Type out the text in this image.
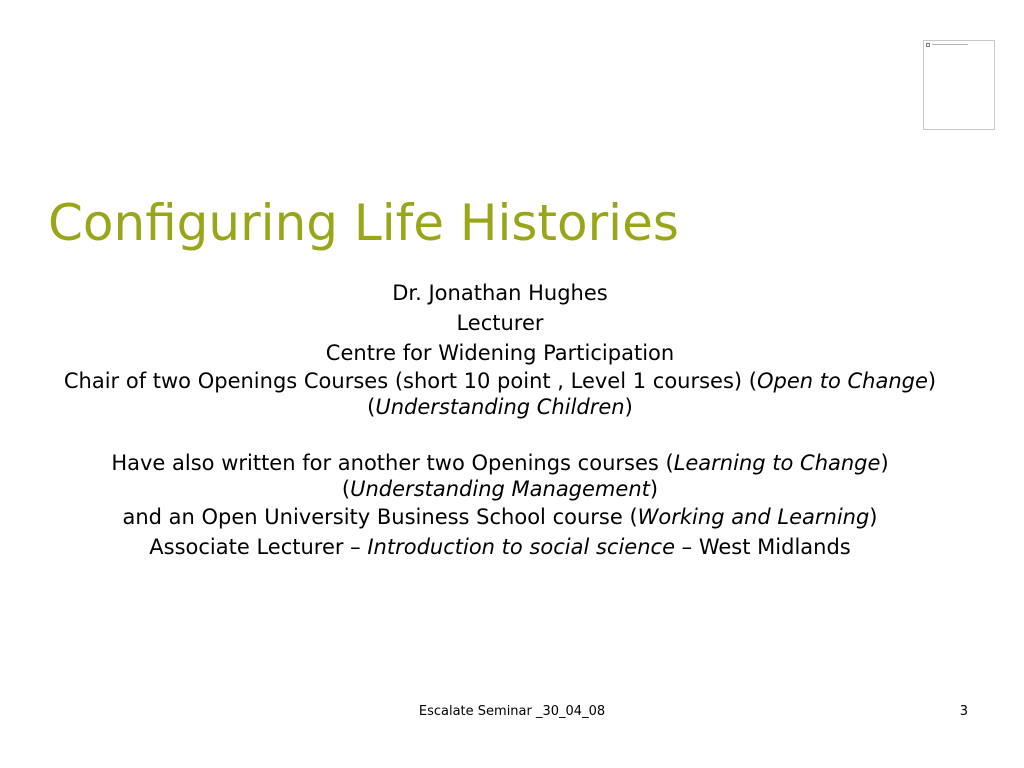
Configuring Life Histories

Dr. Jonathan Hughes

Lecturer

Centre for Widening Participation

Chair of two Openings Courses (short 10 point , Level 1 courses) (Open to Change) (Understanding Children)

Have also written for another two Openings courses (Learning to Change) (Understanding Management)

and an Open University Business School course (Working and Learning)

Associate Lecturer – Introduction to social science – West Midlands

Escalate Seminar _30_04_08	3
